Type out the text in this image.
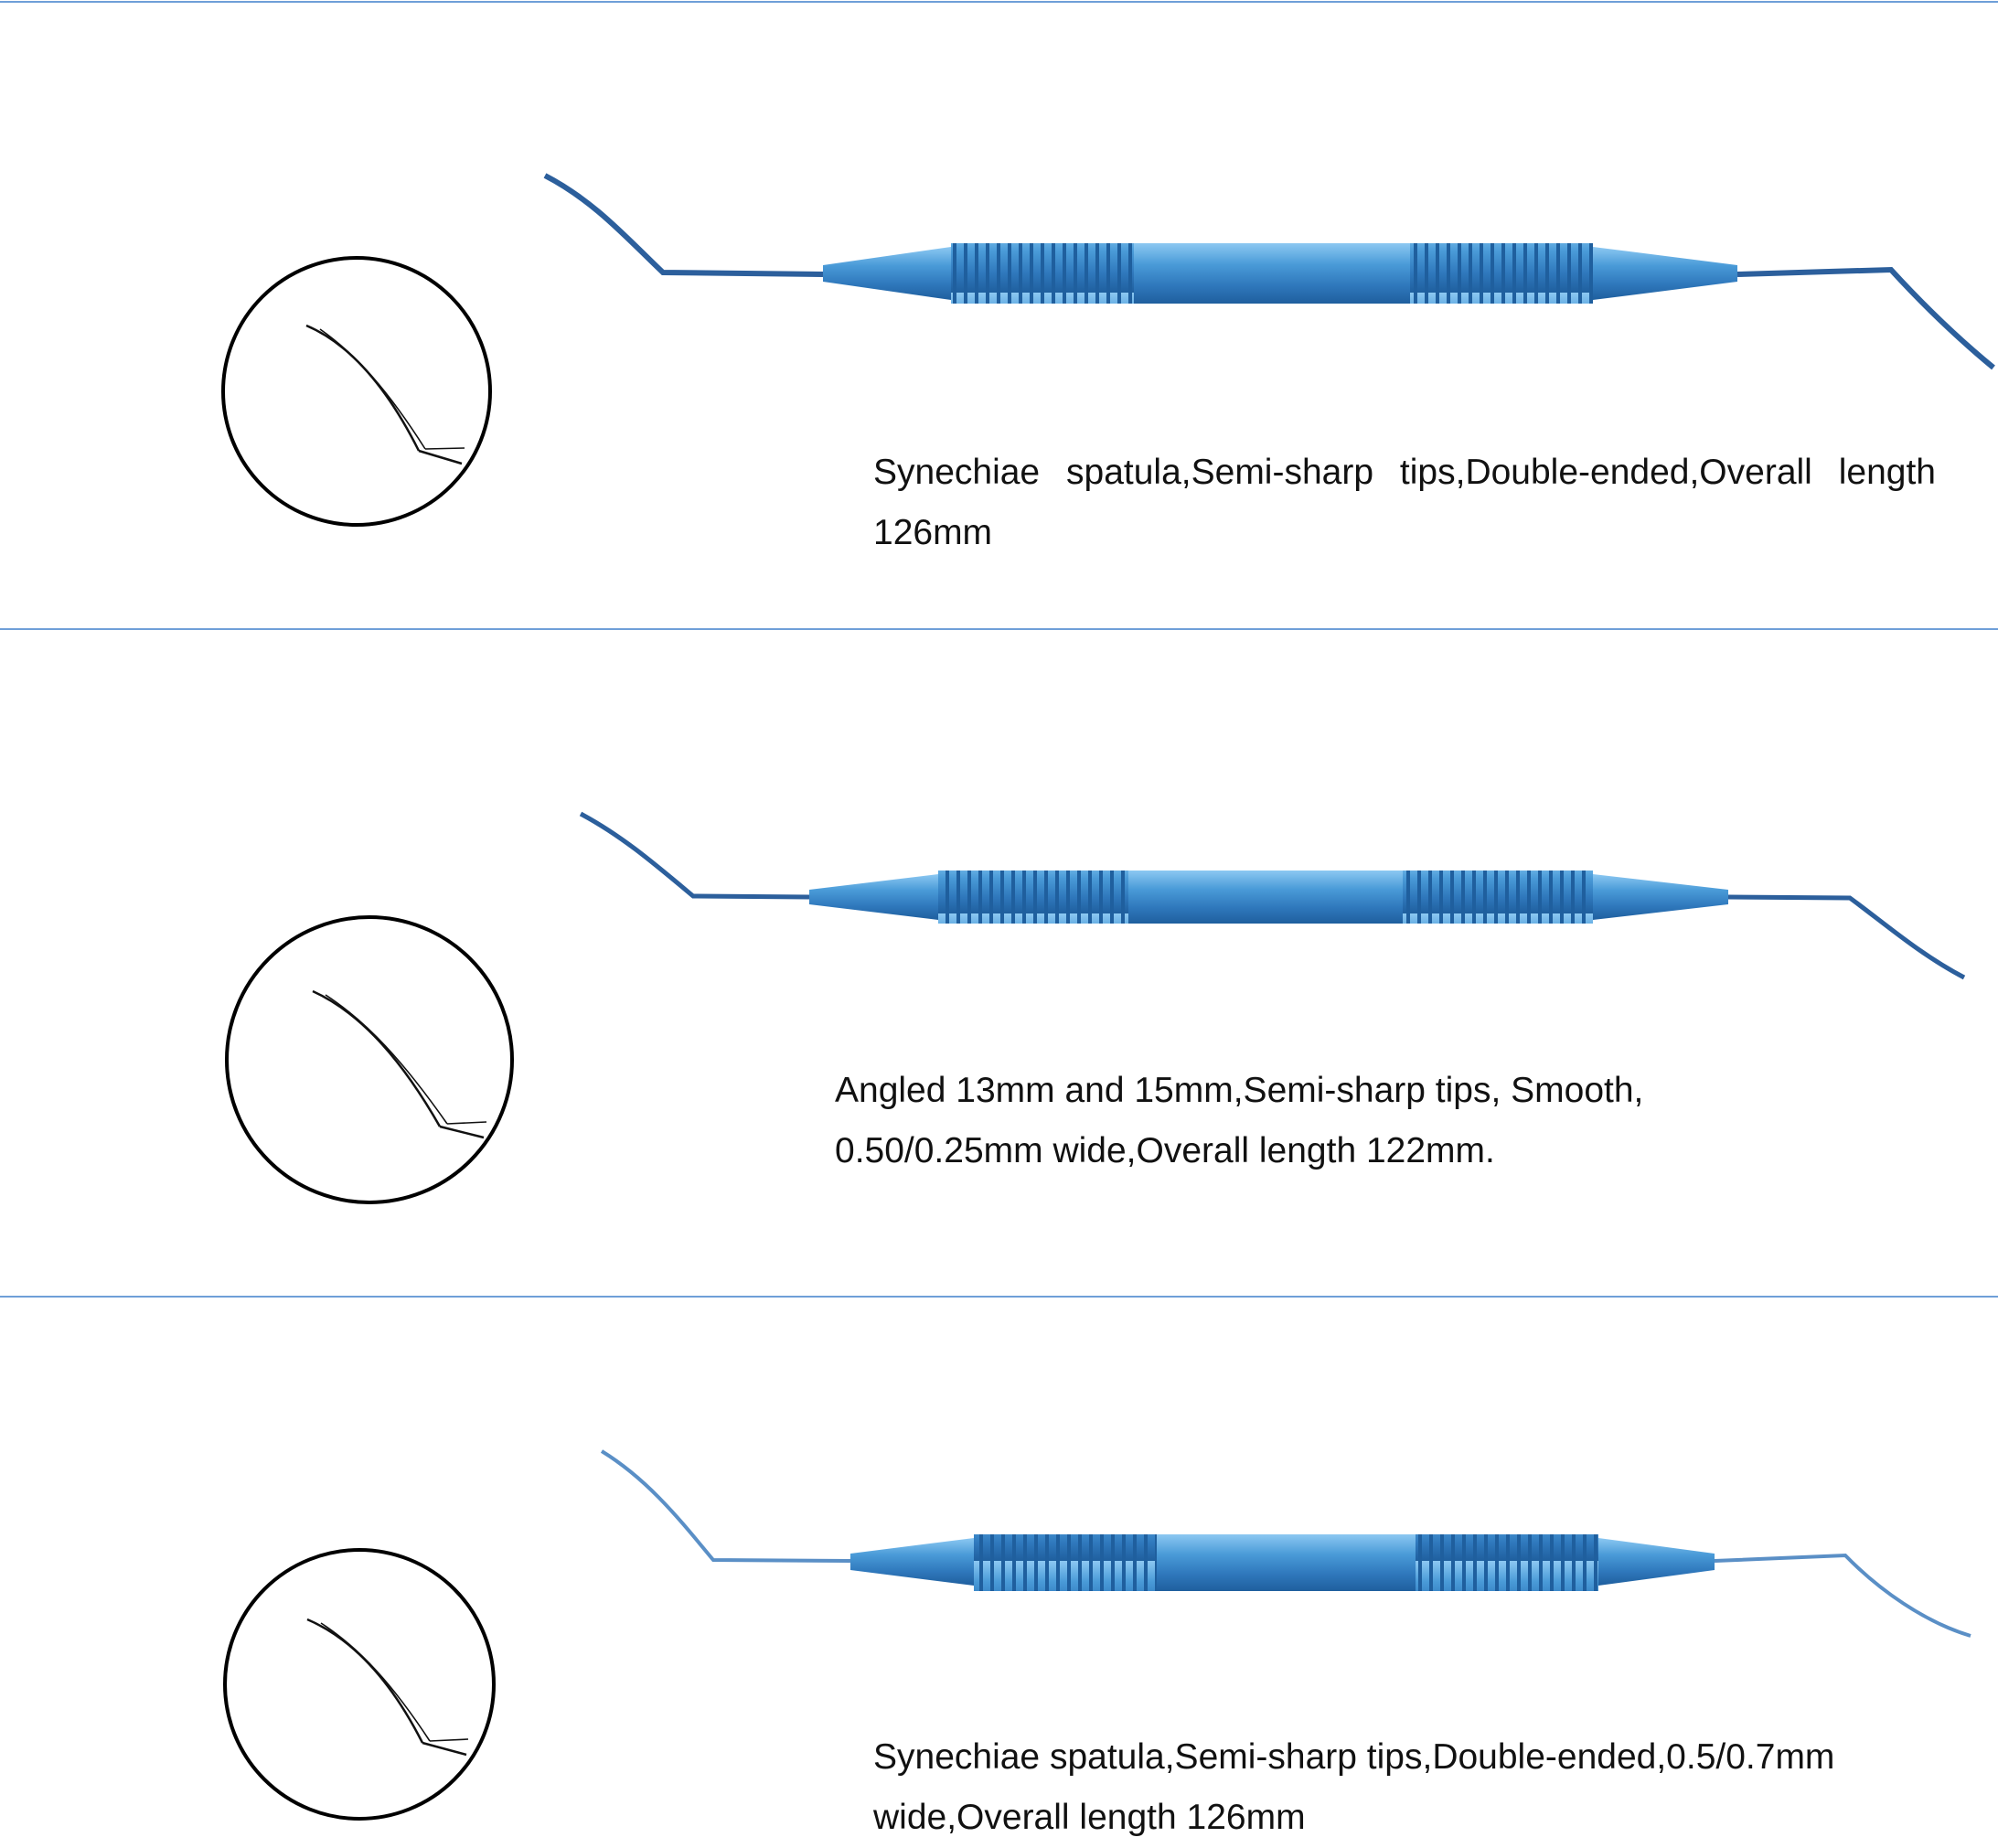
Synechiae spatula,Semi-sharp tips,Double-ended,Overall length 126mm

Angled 13mm and 15mm,Semi-sharp tips, Smooth, 0.50/0.25mm wide,Overall length 122mm.

Synechiae spatula,Semi-sharp tips,Double-ended,0.5/0.7mm wide,Overall length 126mm
